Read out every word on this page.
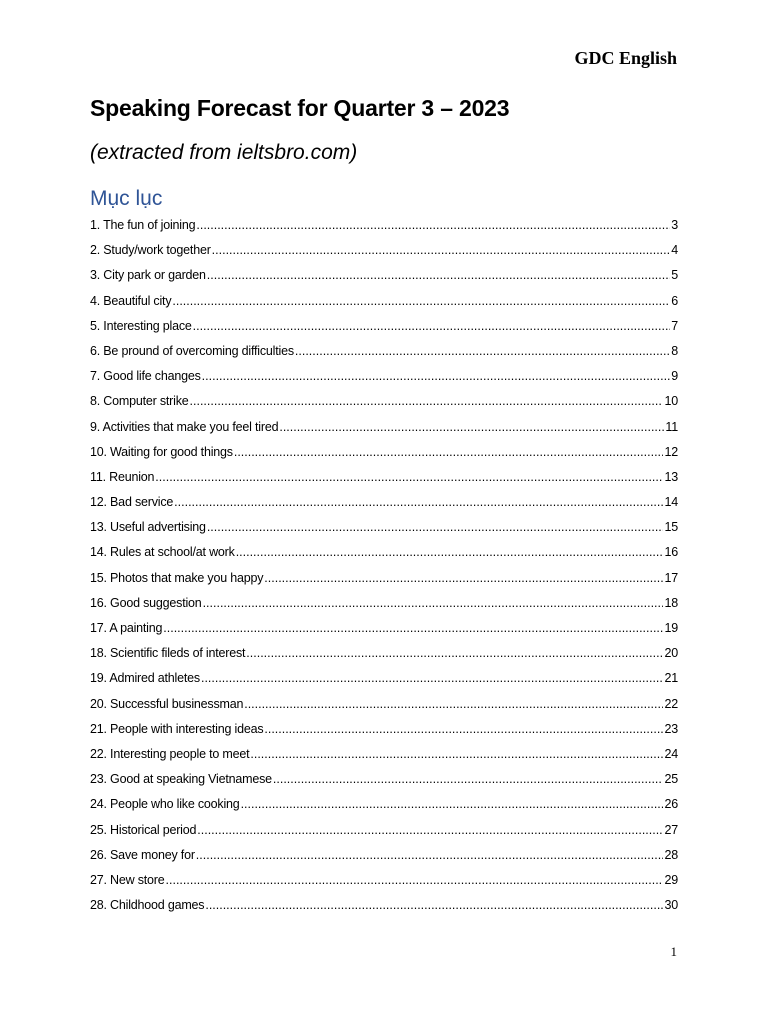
GDC English
Speaking Forecast for Quarter 3 – 2023
(extracted from ieltsbro.com)
Mục lục
1. The fun of joining .....	3
2. Study/work together .....	4
3. City park or garden .....	5
4. Beautiful city .....	6
5. Interesting place .....	7
6. Be pround of overcoming difficulties .....	8
7. Good life changes .....	9
8. Computer strike .....	10
9. Activities that make you feel tired .....	11
10. Waiting for good things .....	12
11. Reunion .....	13
12. Bad service .....	14
13. Useful advertising .....	15
14. Rules at school/at work .....	16
15. Photos that make you happy .....	17
16. Good suggestion .....	18
17. A painting .....	19
18. Scientific fileds of interest .....	20
19. Admired athletes .....	21
20. Successful businessman .....	22
21. People with interesting ideas .....	23
22. Interesting people to meet .....	24
23. Good at speaking Vietnamese .....	25
24. People who like cooking .....	26
25. Historical period .....	27
26. Save money for .....	28
27. New store .....	29
28. Childhood games .....	30
1
